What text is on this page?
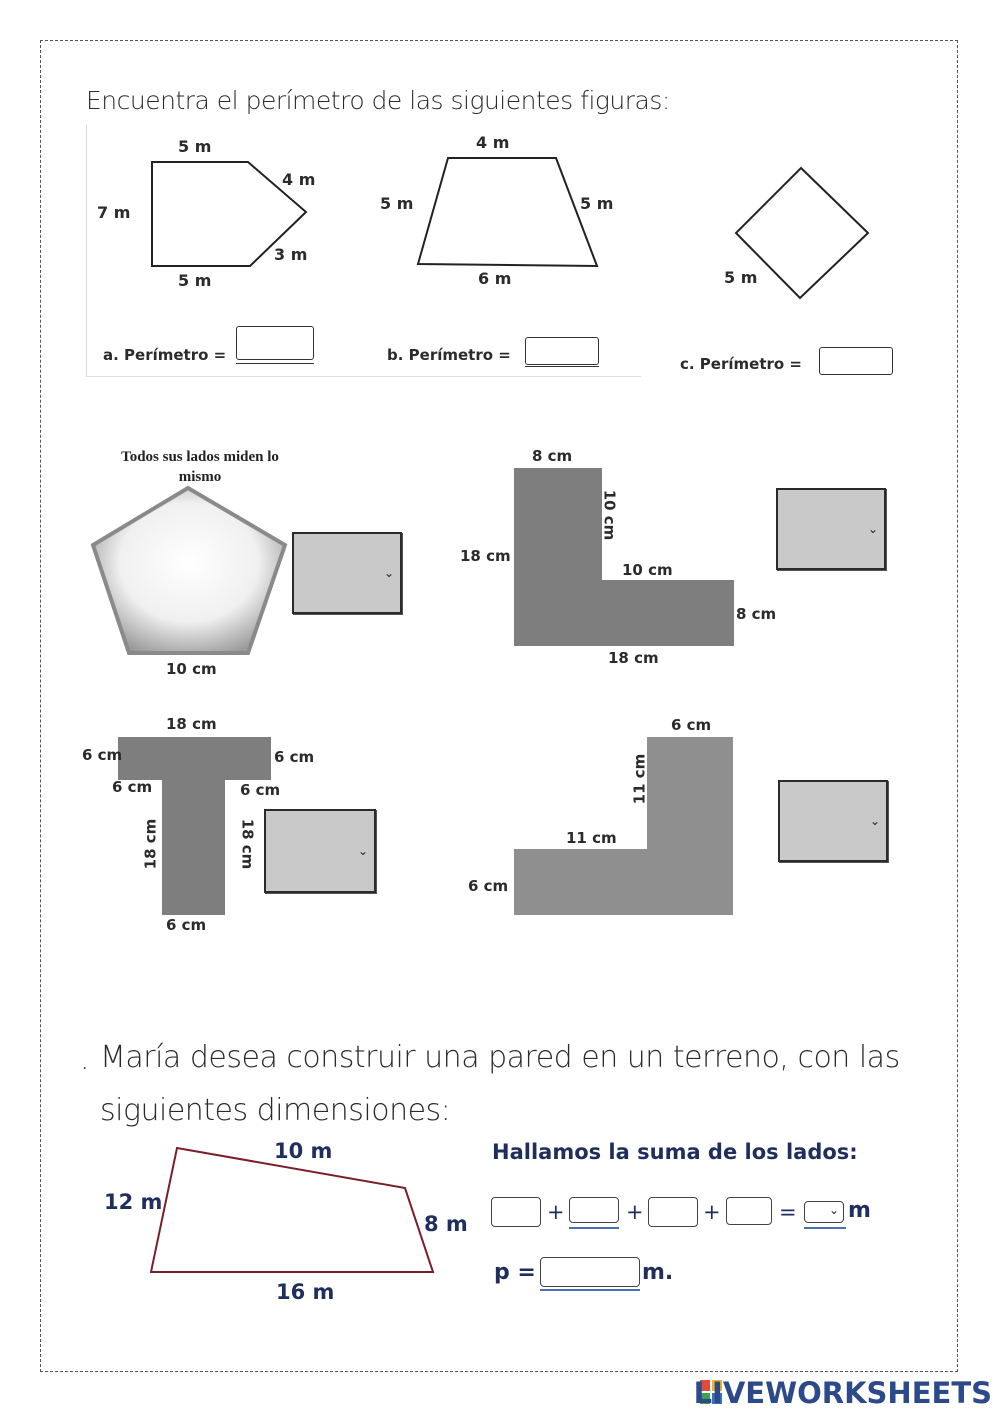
Encuentra el perímetro de las siguientes figuras:
5 m
4 m
7 m
3 m
5 m
4 m
5 m	5 m
6 m	5 m
a. Perímetro =	b. Perímetro =	c. Perímetro =
Todos sus lados miden lo mismo
10 cm
⌄
8 cm
10 cm
18 cm
10 cm
8 cm
18 cm
⌄
18 cm
6 cm	6 cm
6 cm	6 cm
18 cm	18 cm
6 cm
⌄
6 cm
11 cm
11 cm
6 cm
⌄
. María desea construir una pared en un terreno, con las
siguientes dimensiones:
10 m
12 m
8 m
16 m
Hallamos la suma de los lados:
+	+	+	=	⌄ m
p =	m.
LIVEWORKSHEETS
